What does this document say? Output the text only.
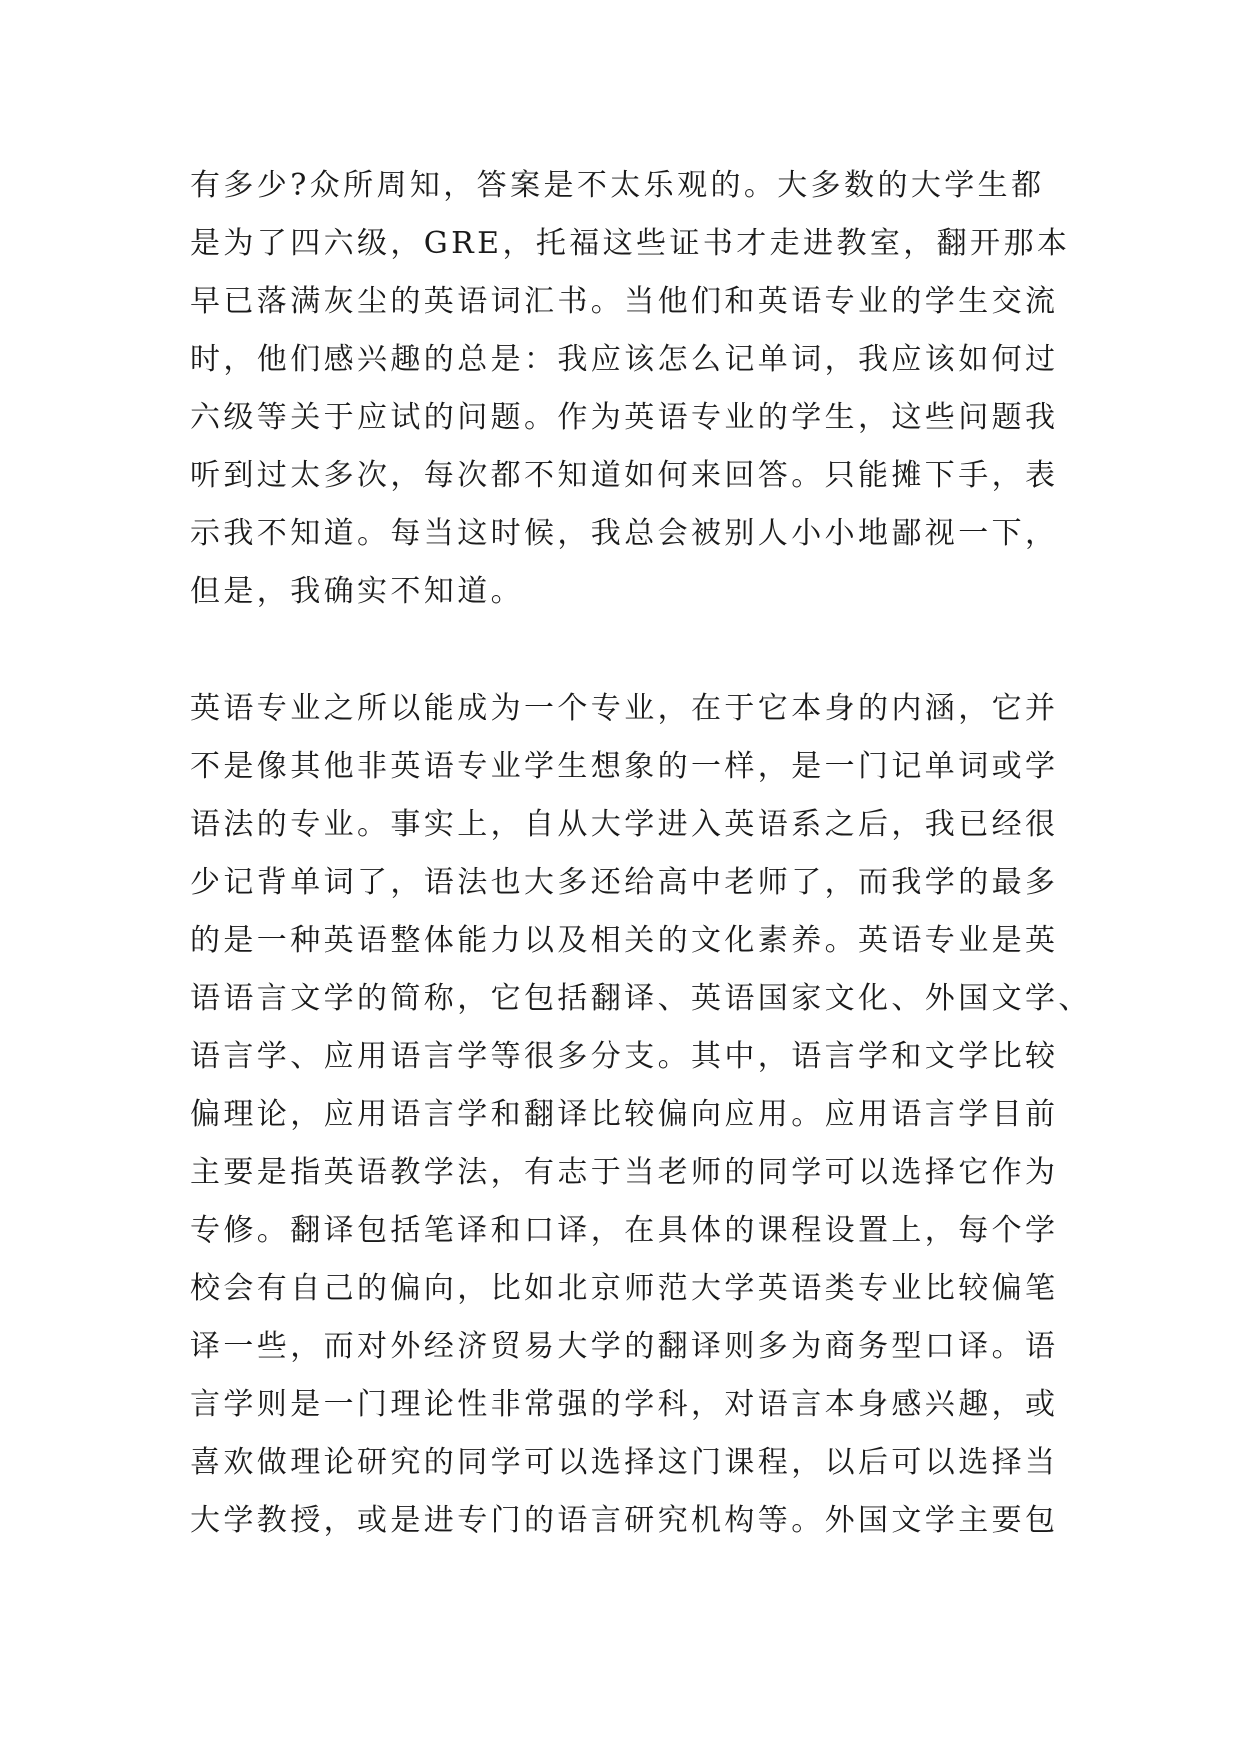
有多少?众所周知，答案是不太乐观的。大多数的大学生都
是为了四六级，GRE，托福这些证书才走进教室，翻开那本
早已落满灰尘的英语词汇书。当他们和英语专业的学生交流
时，他们感兴趣的总是：我应该怎么记单词，我应该如何过
六级等关于应试的问题。作为英语专业的学生，这些问题我
听到过太多次，每次都不知道如何来回答。只能摊下手，表
示我不知道。每当这时候，我总会被别人小小地鄙视一下，
但是，我确实不知道。
英语专业之所以能成为一个专业，在于它本身的内涵，它并
不是像其他非英语专业学生想象的一样，是一门记单词或学
语法的专业。事实上，自从大学进入英语系之后，我已经很
少记背单词了，语法也大多还给高中老师了，而我学的最多
的是一种英语整体能力以及相关的文化素养。英语专业是英
语语言文学的简称，它包括翻译、英语国家文化、外国文学、
语言学、应用语言学等很多分支。其中，语言学和文学比较
偏理论，应用语言学和翻译比较偏向应用。应用语言学目前
主要是指英语教学法，有志于当老师的同学可以选择它作为
专修。翻译包括笔译和口译，在具体的课程设置上，每个学
校会有自己的偏向，比如北京师范大学英语类专业比较偏笔
译一些，而对外经济贸易大学的翻译则多为商务型口译。语
言学则是一门理论性非常强的学科，对语言本身感兴趣，或
喜欢做理论研究的同学可以选择这门课程，以后可以选择当
大学教授，或是进专门的语言研究机构等。外国文学主要包
